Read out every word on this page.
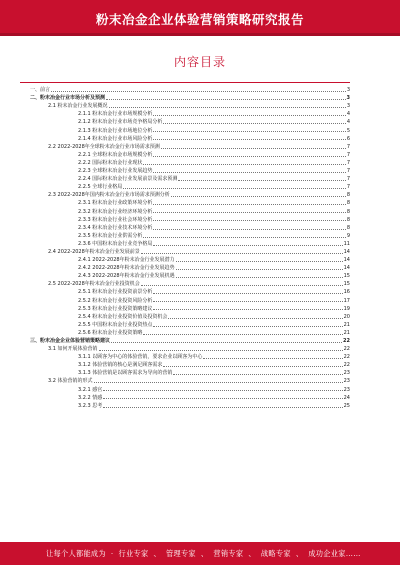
粉末冶金企业体验营销策略研究报告
内容目录
一、前言	3
二、粉末冶金行业市场分析及预测	3
2.1 粉末冶金行业发展概况	3
2.1.1 粉末冶金行业市场规模分析	4
2.1.2 粉末冶金行业市场竞争格局分析	4
2.1.3 粉末冶金行业市场地位分析	5
2.1.4 粉末冶金行业市场风险分析	6
2.2 2022-2028年全球粉末冶金行业市场需求预测	7
2.2.1 全球粉末冶金市场规模分析	7
2.2.2 国际粉末冶金行业现状	7
2.2.3 全球粉末冶金行业发展趋势	7
2.2.4 国际粉末冶金行业发展前景及需求预测	7
2.2.5 全球行业格局	7
2.3 2022-2028年国内粉末冶金行业市场需求预测分析	8
2.3.1 粉末冶金行业政策环境分析	8
2.3.2 粉末冶金行业经济环境分析	8
2.3.3 粉末冶金行业社会环境分析	8
2.3.4 粉末冶金行业技术环境分析	8
2.3.5 粉末冶金行业供需分析	9
2.3.6 中国粉末冶金行业竞争格局	11
2.4 2022-2028年粉末冶金行业发展前景	14
2.4.1 2022-2028年粉末冶金行业发展潜力	14
2.4.2 2022-2028年粉末冶金行业发展趋势	14
2.4.3 2022-2028年粉末冶金行业发展机遇	15
2.5 2022-2028年粉末冶金行业投资机会	15
2.5.1 粉末冶金行业投资前景分析	16
2.5.2 粉末冶金行业投资风险分析	17
2.5.3 粉末冶金行业投资策略建议	19
2.5.4 粉末冶金行业投资价值及投资机会	20
2.5.5 中国粉末冶金行业投资热点	21
2.5.6 粉末冶金行业投资策略	21
三、粉末冶金企业体验营销策略建议	22
3.1 如何开展体验营销	22
3.1.1 以顾客为中心的体验营销，要求企业以顾客为中心	22
3.1.2 体验营销的核心是满足顾客需求	22
3.1.3 体验营销是以顾客需求为导向的营销	23
3.2 体验营销的形式	23
3.2.1 感官	23
3.2.2 情感	24
3.2.3 思考	25
让每个人都能成为 · 行业专家 、 管理专家 、 营销专家 、 战略专家 、 成功企业家……
